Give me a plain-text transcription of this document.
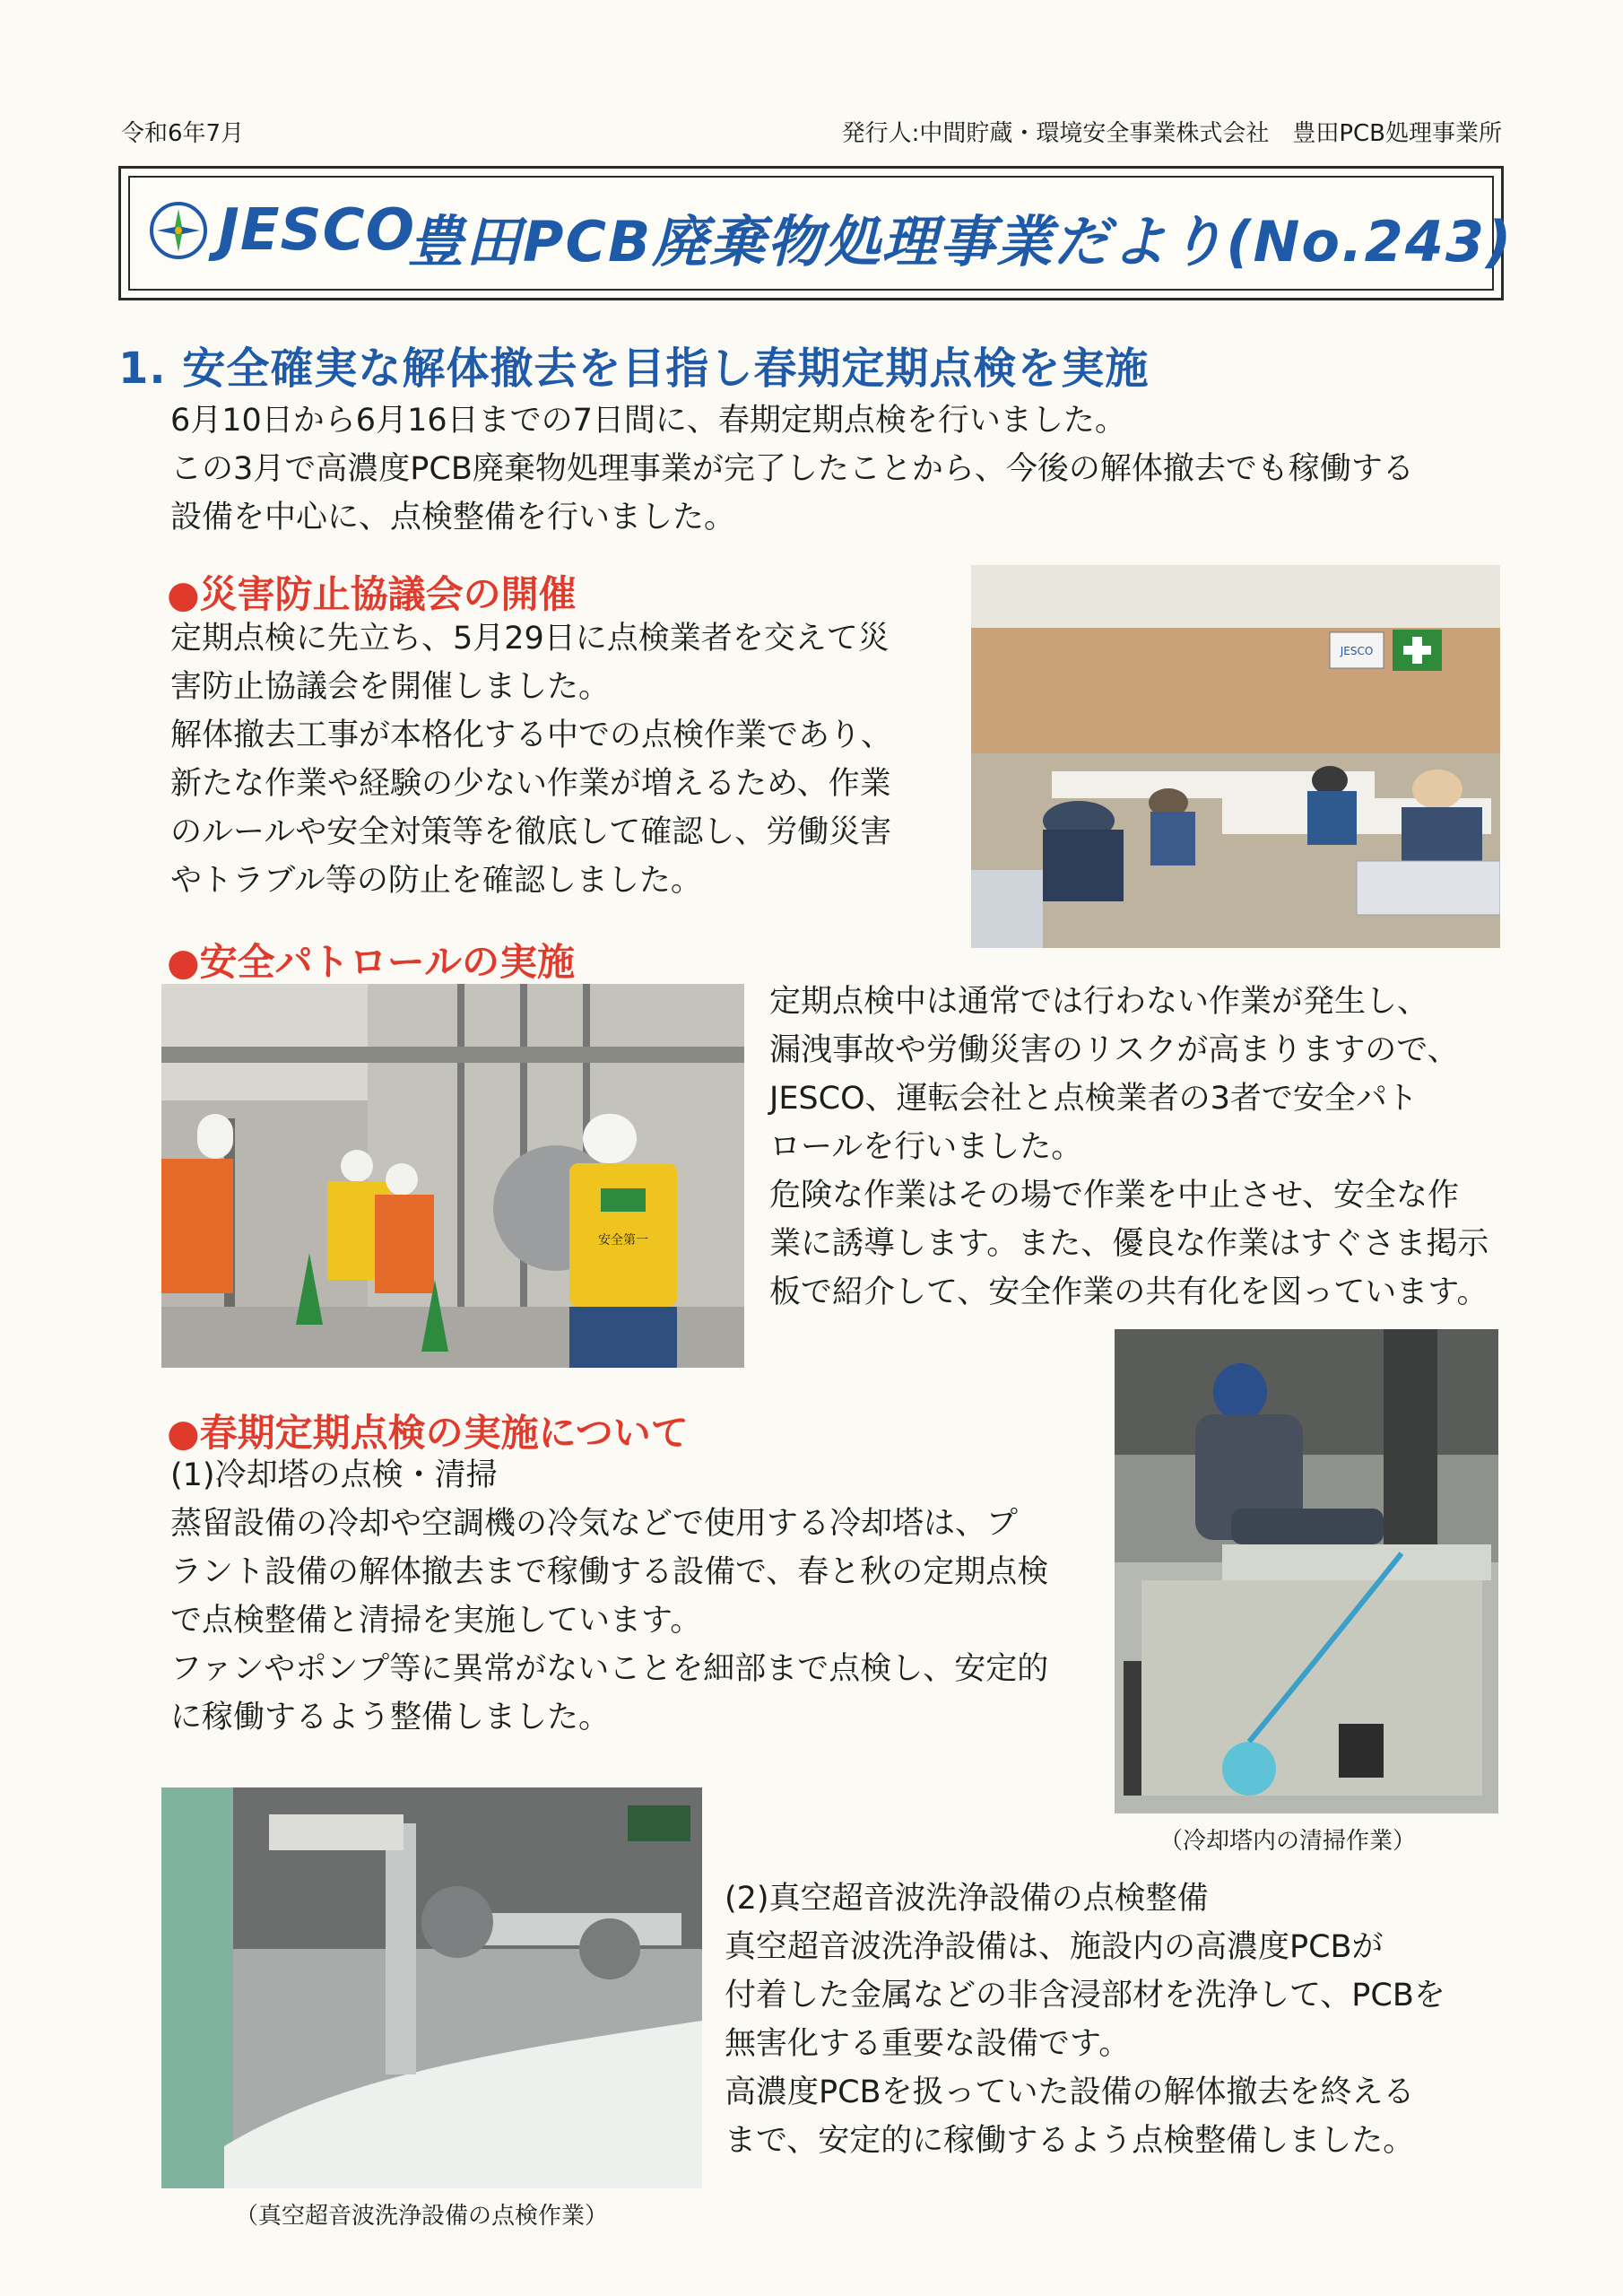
令和6年7月	発行人:中間貯蔵・環境安全事業株式会社　豊田PCB処理事業所
JESCO
豊田PCB廃棄物処理事業だより(No.243)
1. 安全確実な解体撤去を目指し春期定期点検を実施
6月10日から6月16日までの7日間に、春期定期点検を行いました。
この3月で高濃度PCB廃棄物処理事業が完了したことから、今後の解体撤去でも稼働する
設備を中心に、点検整備を行いました。
●災害防止協議会の開催
定期点検に先立ち、5月29日に点検業者を交えて災
害防止協議会を開催しました。
解体撤去工事が本格化する中での点検作業であり、
新たな作業や経験の少ない作業が増えるため、作業
のルールや安全対策等を徹底して確認し、労働災害
やトラブル等の防止を確認しました。
JESCO
●安全パトロールの実施
安全第一
定期点検中は通常では行わない作業が発生し、
漏洩事故や労働災害のリスクが高まりますので、
JESCO、運転会社と点検業者の3者で安全パト
ロールを行いました。
危険な作業はその場で作業を中止させ、安全な作
業に誘導します。また、優良な作業はすぐさま掲示
板で紹介して、安全作業の共有化を図っています。
●春期定期点検の実施について
(1)冷却塔の点検・清掃
蒸留設備の冷却や空調機の冷気などで使用する冷却塔は、プ
ラント設備の解体撤去まで稼働する設備で、春と秋の定期点検
で点検整備と清掃を実施しています。
ファンやポンプ等に異常がないことを細部まで点検し、安定的
に稼働するよう整備しました。
（冷却塔内の清掃作業）
（真空超音波洗浄設備の点検作業）
(2)真空超音波洗浄設備の点検整備
真空超音波洗浄設備は、施設内の高濃度PCBが
付着した金属などの非含浸部材を洗浄して、PCBを
無害化する重要な設備です。
高濃度PCBを扱っていた設備の解体撤去を終える
まで、安定的に稼働するよう点検整備しました。
